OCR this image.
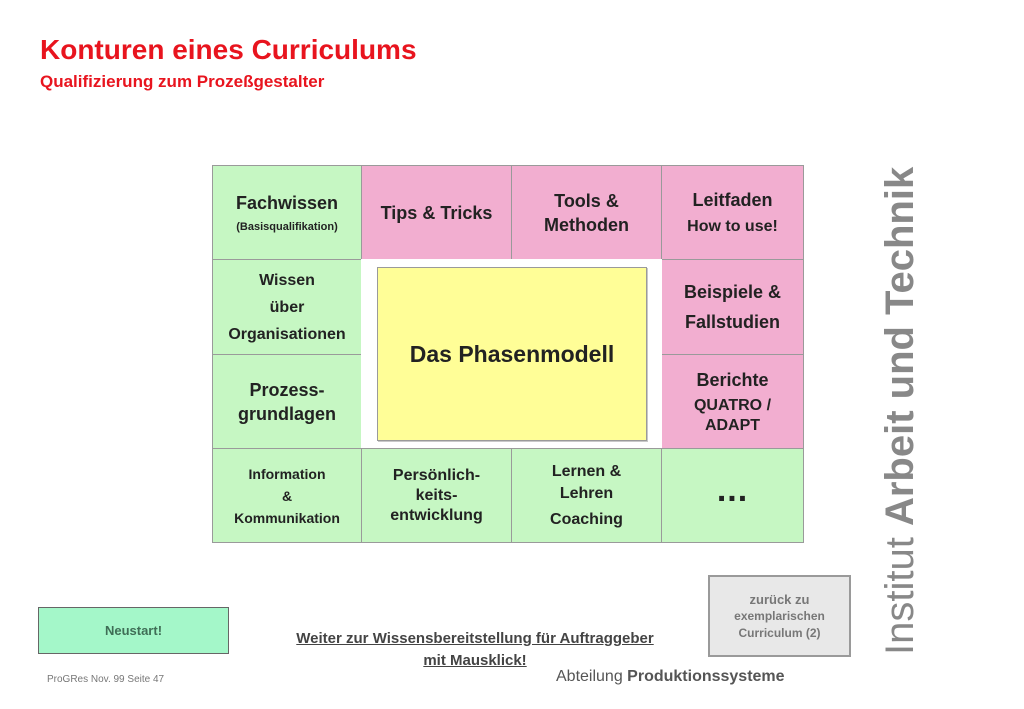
Konturen eines Curriculums
Qualifizierung zum Prozeßgestalter
Fachwissen
(Basisqualifikation)
Tips & Tricks
Tools &
Methoden
Leitfaden
How to use!
Wissen
über
Organisationen
Beispiele &
Fallstudien
Prozess-
grundlagen
Berichte
QUATRO /
ADAPT
Das Phasenmodell
Information
&
Kommunikation
Persönlich-
keits-
entwicklung
Lernen &
Lehren
Coaching
...
Institut Arbeit und Technik
Neustart!	Weiter zur Wissensbereitstellung für Auftraggeber
mit Mausklick!
zurück zu
exemplarischen
Curriculum (2)
ProGRes Nov. 99 Seite 47	Abteilung Produktionssysteme
